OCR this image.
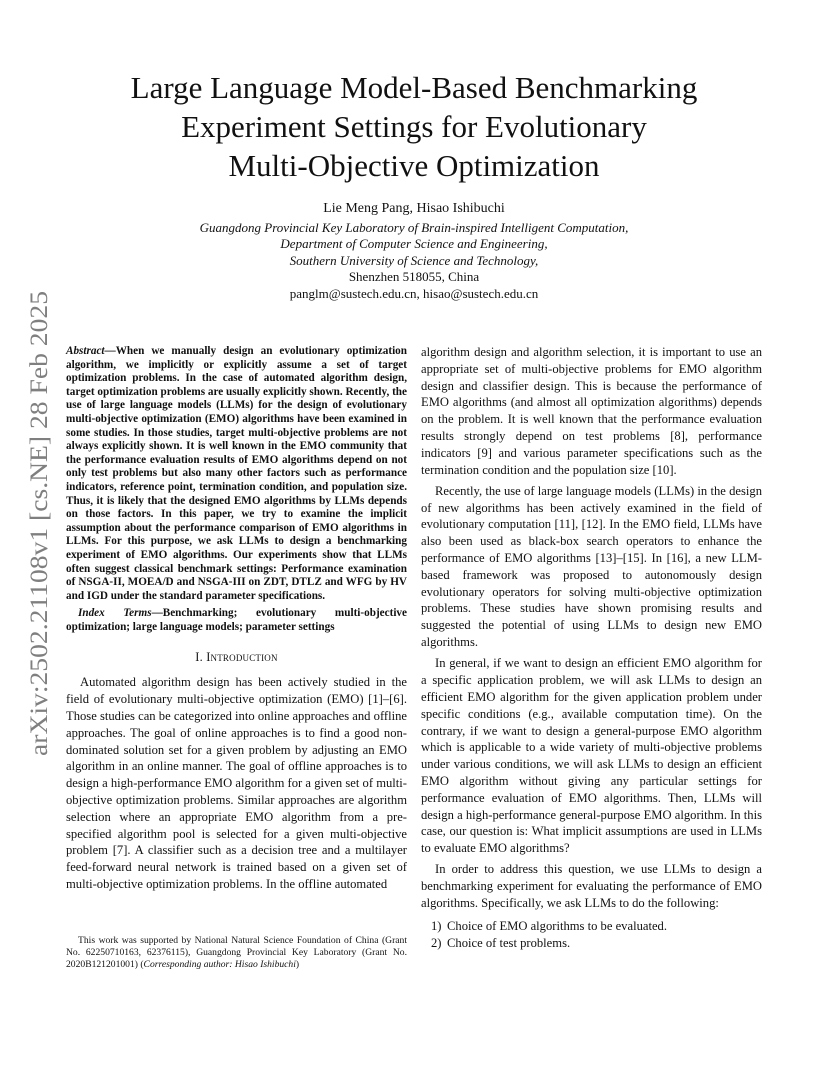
arXiv:2502.21108v1 [cs.NE] 28 Feb 2025
Large Language Model-Based Benchmarking
Experiment Settings for Evolutionary
Multi-Objective Optimization
Lie Meng Pang, Hisao Ishibuchi
Guangdong Provincial Key Laboratory of Brain-inspired Intelligent Computation,
Department of Computer Science and Engineering,
Southern University of Science and Technology,
Shenzhen 518055, China
panglm@sustech.edu.cn, hisao@sustech.edu.cn

Abstract—When we manually design an evolutionary optimization algorithm, we implicitly or explicitly assume a set of target optimization problems. In the case of automated algorithm design, target optimization problems are usually explicitly shown. Recently, the use of large language models (LLMs) for the design of evolutionary multi-objective optimization (EMO) algorithms have been examined in some studies. In those studies, target multi-objective problems are not always explicitly shown. It is well known in the EMO community that the performance evaluation results of EMO algorithms depend on not only test problems but also many other factors such as performance indicators, reference point, termination condition, and population size. Thus, it is likely that the designed EMO algorithms by LLMs depends on those factors. In this paper, we try to examine the implicit assumption about the performance comparison of EMO algorithms in LLMs. For this purpose, we ask LLMs to design a benchmarking experiment of EMO algorithms. Our experiments show that LLMs often suggest classical benchmark settings: Performance examination of NSGA-II, MOEA/D and NSGA-III on ZDT, DTLZ and WFG by HV and IGD under the standard parameter specifications.

Index Terms—Benchmarking; evolutionary multi-objective optimization; large language models; parameter settings

I. Introduction

Automated algorithm design has been actively studied in the field of evolutionary multi-objective optimization (EMO) [1]–[6]. Those studies can be categorized into online approaches and offline approaches. The goal of online approaches is to find a good non-dominated solution set for a given problem by adjusting an EMO algorithm in an online manner. The goal of offline approaches is to design a high-performance EMO algorithm for a given set of multi-objective optimization problems. Similar approaches are algorithm selection where an appropriate EMO algorithm from a pre-specified algorithm pool is selected for a given multi-objective problem [7]. A classifier such as a decision tree and a multilayer feed-forward neural network is trained based on a given set of multi-objective optimization problems. In the offline automated

This work was supported by National Natural Science Foundation of China (Grant No. 62250710163, 62376115), Guangdong Provincial Key Laboratory (Grant No. 2020B121201001) (Corresponding author: Hisao Ishibuchi)

algorithm design and algorithm selection, it is important to use an appropriate set of multi-objective problems for EMO algorithm design and classifier design. This is because the performance of EMO algorithms (and almost all optimization algorithms) depends on the problem. It is well known that the performance evaluation results strongly depend on test problems [8], performance indicators [9] and various parameter specifications such as the termination condition and the population size [10].

Recently, the use of large language models (LLMs) in the design of new algorithms has been actively examined in the field of evolutionary computation [11], [12]. In the EMO field, LLMs have also been used as black-box search operators to enhance the performance of EMO algorithms [13]–[15]. In [16], a new LLM-based framework was proposed to autonomously design evolutionary operators for solving multi-objective optimization problems. These studies have shown promising results and suggested the potential of using LLMs to design new EMO algorithms.

In general, if we want to design an efficient EMO algorithm for a specific application problem, we will ask LLMs to design an efficient EMO algorithm for the given application problem under specific conditions (e.g., available computation time). On the contrary, if we want to design a general-purpose EMO algorithm which is applicable to a wide variety of multi-objective problems under various conditions, we will ask LLMs to design an efficient EMO algorithm without giving any particular settings for performance evaluation of EMO algorithms. Then, LLMs will design a high-performance general-purpose EMO algorithm. In this case, our question is: What implicit assumptions are used in LLMs to evaluate EMO algorithms?

In order to address this question, we use LLMs to design a benchmarking experiment for evaluating the performance of EMO algorithms. Specifically, we ask LLMs to do the following:

1) Choice of EMO algorithms to be evaluated.
2) Choice of test problems.
